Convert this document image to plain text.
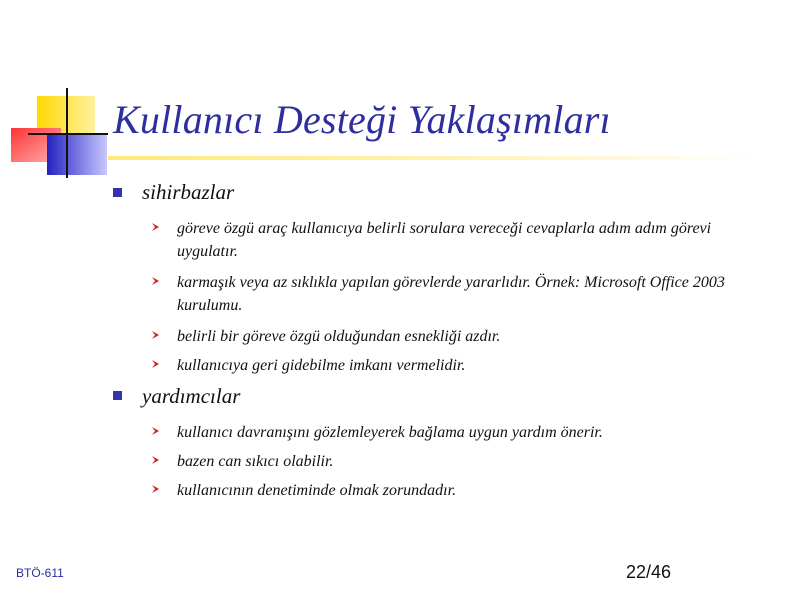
Kullanıcı Desteği Yaklaşımları
sihirbazlar
göreve özgü araç kullanıcıya belirli sorulara vereceği cevaplarla adım adım görevi uygulatır.
karmaşık veya az sıklıkla yapılan görevlerde yararlıdır. Örnek: Microsoft Office 2003 kurulumu.
belirli bir göreve özgü olduğundan esnekliği azdır.
kullanıcıya geri gidebilme imkanı vermelidir.
yardımcılar
kullanıcı davranışını gözlemleyerek bağlama uygun yardım önerir.
bazen can sıkıcı olabilir.
kullanıcının denetiminde olmak zorundadır.
BTÖ-611	22/46
